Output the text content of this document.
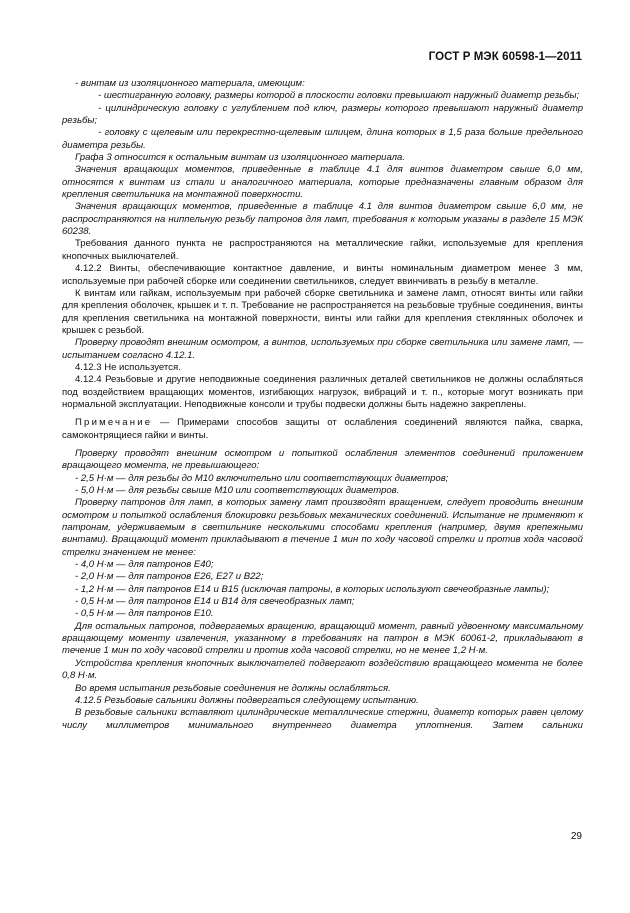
ГОСТ Р МЭК 60598-1—2011

- винтам из изоляционного материала, имеющим:

- шестигранную головку, размеры которой в плоскости головки превышают наружный диаметр резьбы;

- цилиндрическую головку с углублением под ключ, размеры которого превышают наружный диаметр резьбы;

- головку с щелевым или перекрестно-щелевым шлицем, длина которых в 1,5 раза больше предельного диаметра резьбы.

Графа 3 относится к остальным винтам из изоляционного материала.

Значения вращающих моментов, приведенные в таблице 4.1 для винтов диаметром свыше 6,0 мм, относятся к винтам из стали и аналогичного материала, которые предназначены главным образом для крепления светильника на монтажной поверхности.

Значения вращающих моментов, приведенные в таблице 4.1 для винтов диаметром свыше 6,0 мм, не распространяются на ниппельную резьбу патронов для ламп, требования к которым указаны в разделе 15 МЭК 60238.

Требования данного пункта не распространяются на металлические гайки, используемые для крепления кнопочных выключателей.

4.12.2 Винты, обеспечивающие контактное давление, и винты номинальным диаметром менее 3 мм, используемые при рабочей сборке или соединении светильников, следует ввинчивать в резьбу в металле.

К винтам или гайкам, используемым при рабочей сборке светильника и замене ламп, относят винты или гайки для крепления оболочек, крышек и т. п. Требование не распространяется на резьбовые трубные соединения, винты для крепления светильника на монтажной поверхности, винты или гайки для крепления стеклянных оболочек и крышек с резьбой.

Проверку проводят внешним осмотром, а винтов, используемых при сборке светильника или замене ламп, — испытанием согласно 4.12.1.

4.12.3 Не используется.

4.12.4 Резьбовые и другие неподвижные соединения различных деталей светильников не должны ослабляться под воздействием вращающих моментов, изгибающих нагрузок, вибраций и т. п., которые могут возникать при нормальной эксплуатации. Неподвижные консоли и трубы подвески должны быть надежно закреплены.

Примечание — Примерами способов защиты от ослабления соединений являются пайка, сварка, самоконтрящиеся гайки и винты.

Проверку проводят внешним осмотром и попыткой ослабления элементов соединений приложением вращающего момента, не превышающего:

- 2,5 Н·м — для резьбы до М10 включительно или соответствующих диаметров;

- 5,0 Н·м — для резьбы свыше М10 или соответствующих диаметров.

Проверку патронов для ламп, в которых замену ламп производят вращением, следует проводить внешним осмотром и попыткой ослабления блокировки резьбовых механических соединений. Испытание не применяют к патронам, удерживаемым в светильнике несколькими способами крепления (например, двумя крепежными винтами). Вращающий момент прикладывают в течение 1 мин по ходу часовой стрелки и против хода часовой стрелки значением не менее:

- 4,0 Н·м — для патронов Е40;

- 2,0 Н·м — для патронов Е26, Е27 и В22;

- 1,2 Н·м — для патронов Е14 и В15 (исключая патроны, в которых используют свечеобразные лампы);

- 0,5 Н·м — для патронов Е14 и В14 для свечеобразных ламп;

- 0,5 Н·м — для патронов Е10.

Для остальных патронов, подвергаемых вращению, вращающий момент, равный удвоенному максимальному вращающему моменту извлечения, указанному в требованиях на патрон в МЭК 60061-2, прикладывают в течение 1 мин по ходу часовой стрелки и против хода часовой стрелки, но не менее 1,2 Н·м.

Устройства крепления кнопочных выключателей подвергают воздействию вращающего момента не более 0,8 Н·м.

Во время испытания резьбовые соединения не должны ослабляться.

4.12.5 Резьбовые сальники должны подвергаться следующему испытанию.

В резьбовые сальники вставляют цилиндрические металлические стержни, диаметр которых равен целому числу миллиметров минимального внутреннего диаметра уплотнения. Затем сальники

29
